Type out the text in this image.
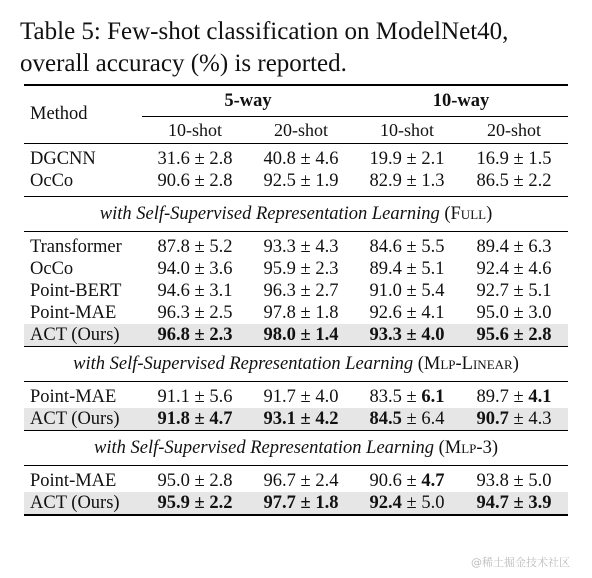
Table 5: Few-shot classification on ModelNet40,
overall accuracy (%) is reported.

Method	5-way		10-way	
	10-shot	20-shot	10-shot	20-shot

DGCNN	31.6 ± 2.8	40.8 ± 4.6	19.9 ± 2.1	16.9 ± 1.5
OcCo	90.6 ± 2.8	92.5 ± 1.9	82.9 ± 1.3	86.5 ± 2.2

with Self-Supervised Representation Learning (Full)				

Transformer	87.8 ± 5.2	93.3 ± 4.3	84.6 ± 5.5	89.4 ± 6.3
OcCo	94.0 ± 3.6	95.9 ± 2.3	89.4 ± 5.1	92.4 ± 4.6
Point-BERT	94.6 ± 3.1	96.3 ± 2.7	91.0 ± 5.4	92.7 ± 5.1
Point-MAE	96.3 ± 2.5	97.8 ± 1.8	92.6 ± 4.1	95.0 ± 3.0
ACT (Ours)	96.8 ± 2.3	98.0 ± 1.4	93.3 ± 4.0	95.6 ± 2.8

with Self-Supervised Representation Learning (Mlp-Linear)				

Point-MAE	91.1 ± 5.6	91.7 ± 4.0	83.5 ± 6.1	89.7 ± 4.1
ACT (Ours)	91.8 ± 4.7	93.1 ± 4.2	84.5 ± 6.4	90.7 ± 4.3

with Self-Supervised Representation Learning (Mlp-3)				

Point-MAE	95.0 ± 2.8	96.7 ± 2.4	90.6 ± 4.7	93.8 ± 5.0
ACT (Ours)	95.9 ± 2.2	97.7 ± 1.8	92.4 ± 5.0	94.7 ± 3.9

@稀土掘金技术社区
